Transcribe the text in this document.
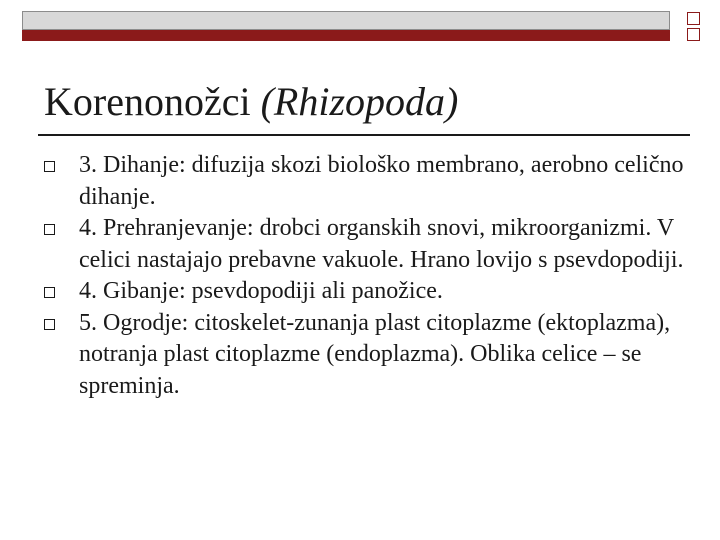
Korenonožci (Rhizopoda)
3. Dihanje: difuzija skozi biološko membrano, aerobno celično dihanje.
4. Prehranjevanje: drobci organskih snovi, mikroorganizmi. V celici nastajajo prebavne vakuole. Hrano lovijo s psevdopodiji.
4. Gibanje: psevdopodiji ali panožice.
5. Ogrodje: citoskelet-zunanja plast citoplazme (ektoplazma), notranja plast citoplazme (endoplazma). Oblika celice – se spreminja.
